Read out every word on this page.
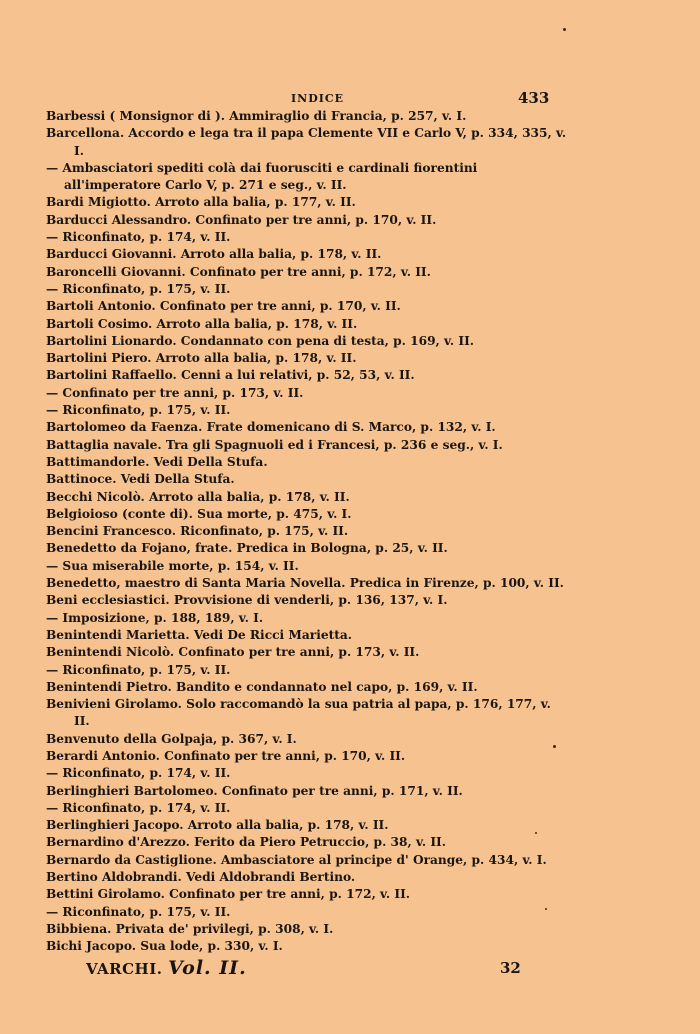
INDICE	433
Barbessi ( Monsignor di ). Ammiraglio di Francia, p. 257, v. I.
Barcellona. Accordo e lega tra il papa Clemente VII e Carlo V, p. 334, 335, v. I.
— Ambasciatori spediti colà dai fuorusciti e cardinali fiorentini all'imperatore Carlo V, p. 271 e seg., v. II.
Bardi Migiotto. Arroto alla balia, p. 177, v. II.
Barducci Alessandro. Confinato per tre anni, p. 170, v. II.
— Riconfinato, p. 174, v. II.
Barducci Giovanni. Arroto alla balia, p. 178, v. II.
Baroncelli Giovanni. Confinato per tre anni, p. 172, v. II.
— Riconfinato, p. 175, v. II.
Bartoli Antonio. Confinato per tre anni, p. 170, v. II.
Bartoli Cosimo. Arroto alla balia, p. 178, v. II.
Bartolini Lionardo. Condannato con pena di testa, p. 169, v. II.
Bartolini Piero. Arroto alla balia, p. 178, v. II.
Bartolini Raffaello. Cenni a lui relativi, p. 52, 53, v. II.
— Confinato per tre anni, p. 173, v. II.
— Riconfinato, p. 175, v. II.
Bartolomeo da Faenza. Frate domenicano di S. Marco, p. 132, v. I.
Battaglia navale. Tra gli Spagnuoli ed i Francesi, p. 236 e seg., v. I.
Battimandorle. Vedi Della Stufa.
Battinoce. Vedi Della Stufa.
Becchi Nicolò. Arroto alla balia, p. 178, v. II.
Belgioioso (conte di). Sua morte, p. 475, v. I.
Bencini Francesco. Riconfinato, p. 175, v. II.
Benedetto da Fojano, frate. Predica in Bologna, p. 25, v. II.
— Sua miserabile morte, p. 154, v. II.
Benedetto, maestro di Santa Maria Novella. Predica in Firenze, p. 100, v. II.
Beni ecclesiastici. Provvisione di venderli, p. 136, 137, v. I.
— Imposizione, p. 188, 189, v. I.
Benintendi Marietta. Vedi De Ricci Marietta.
Benintendi Nicolò. Confinato per tre anni, p. 173, v. II.
— Riconfinato, p. 175, v. II.
Benintendi Pietro. Bandito e condannato nel capo, p. 169, v. II.
Benivieni Girolamo. Solo raccomandò la sua patria al papa, p. 176, 177, v. II.
Benvenuto della Golpaja, p. 367, v. I.
Berardi Antonio. Confinato per tre anni, p. 170, v. II.
— Riconfinato, p. 174, v. II.
Berlinghieri Bartolomeo. Confinato per tre anni, p. 171, v. II.
— Riconfinato, p. 174, v. II.
Berlinghieri Jacopo. Arroto alla balia, p. 178, v. II.
Bernardino d'Arezzo. Ferito da Piero Petruccio, p. 38, v. II.
Bernardo da Castiglione. Ambasciatore al principe d' Orange, p. 434, v. I.
Bertino Aldobrandi. Vedi Aldobrandi Bertino.
Bettini Girolamo. Confinato per tre anni, p. 172, v. II.
— Riconfinato, p. 175, v. II.
Bibbiena. Privata de' privilegi, p. 308, v. I.
Bichi Jacopo. Sua lode, p. 330, v. I.
VARCHI. Vol. II.	32
